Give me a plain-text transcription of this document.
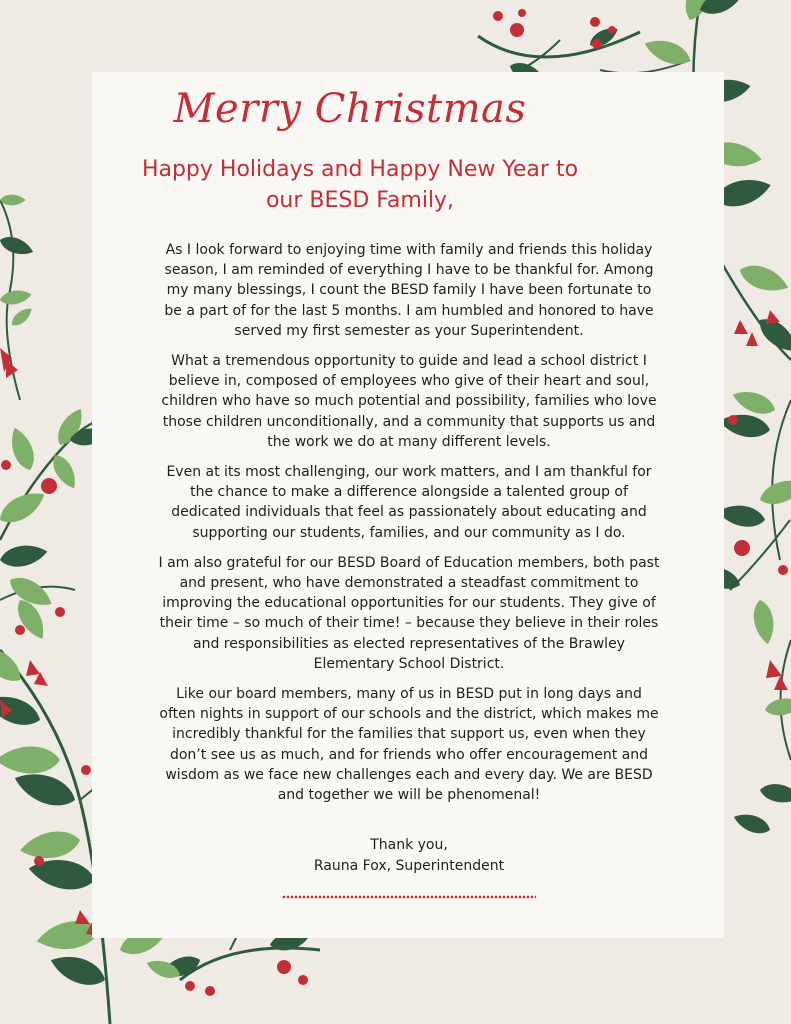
Merry Christmas
Happy Holidays and Happy New Year to
our BESD Family,

As I look forward to enjoying time with family and friends this holiday season, I am reminded of everything I have to be thankful for. Among my many blessings, I count the BESD family I have been fortunate to be a part of for the last 5 months. I am humbled and honored to have served my first semester as your Superintendent.

What a tremendous opportunity to guide and lead a school district I believe in, composed of employees who give of their heart and soul, children who have so much potential and possibility, families who love those children unconditionally, and a community that supports us and the work we do at many different levels.

Even at its most challenging, our work matters, and I am thankful for the chance to make a difference alongside a talented group of dedicated individuals that feel as passionately about educating and supporting our students, families, and our community as I do.

I am also grateful for our BESD Board of Education members, both past and present, who have demonstrated a steadfast commitment to improving the educational opportunities for our students. They give of their time – so much of their time! – because they believe in their roles and responsibilities as elected representatives of the Brawley Elementary School District.

Like our board members, many of us in BESD put in long days and often nights in support of our schools and the district, which makes me incredibly thankful for the families that support us, even when they don’t see us as much, and for friends who offer encouragement and wisdom as we face new challenges each and every day. We are BESD and together we will be phenomenal!

Thank you,
Rauna Fox, Superintendent
